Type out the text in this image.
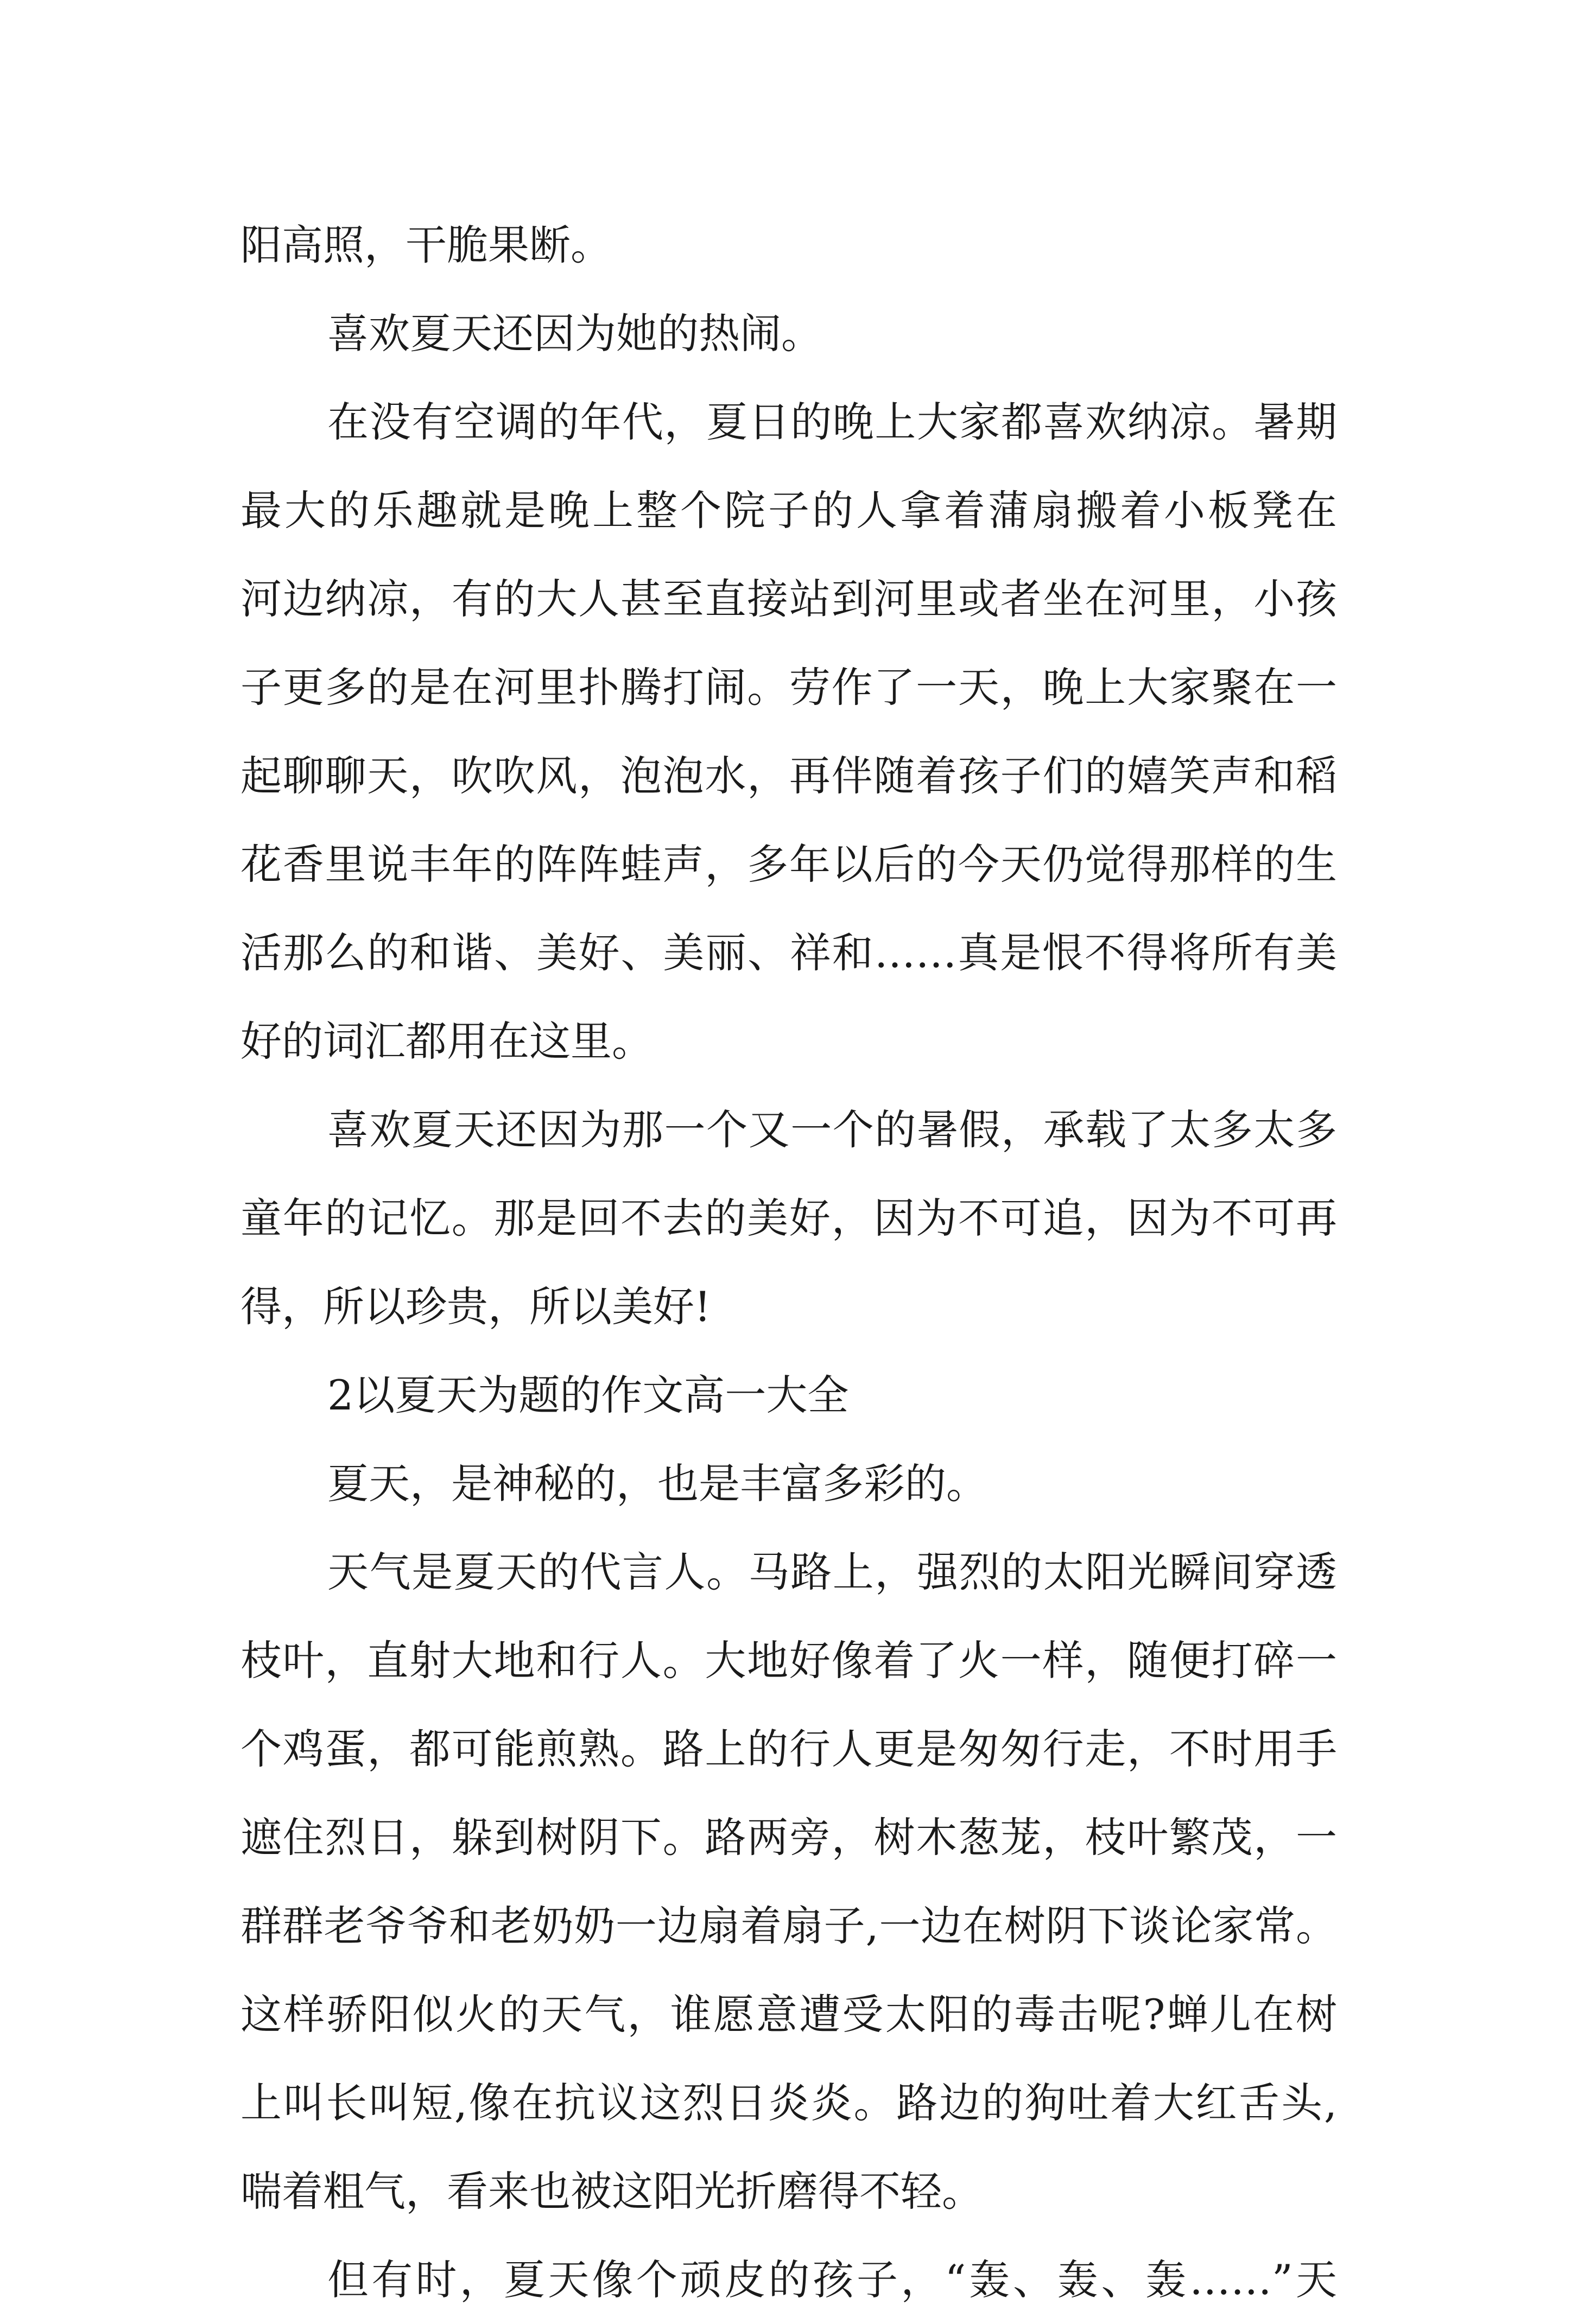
阳高照，干脆果断。
喜欢夏天还因为她的热闹。
在没有空调的年代，夏日的晚上大家都喜欢纳凉。暑期
最大的乐趣就是晚上整个院子的人拿着蒲扇搬着小板凳在
河边纳凉，有的大人甚至直接站到河里或者坐在河里，小孩
子更多的是在河里扑腾打闹。劳作了一天，晚上大家聚在一
起聊聊天，吹吹风，泡泡水，再伴随着孩子们的嬉笑声和稻
花香里说丰年的阵阵蛙声，多年以后的今天仍觉得那样的生
活那么的和谐、美好、美丽、祥和……真是恨不得将所有美
好的词汇都用在这里。
喜欢夏天还因为那一个又一个的暑假，承载了太多太多
童年的记忆。那是回不去的美好，因为不可追，因为不可再
得，所以珍贵，所以美好!
2以夏天为题的作文高一大全
夏天，是神秘的，也是丰富多彩的。
天气是夏天的代言人。马路上，强烈的太阳光瞬间穿透
枝叶，直射大地和行人。大地好像着了火一样，随便打碎一
个鸡蛋，都可能煎熟。路上的行人更是匆匆行走，不时用手
遮住烈日，躲到树阴下。路两旁，树木葱茏，枝叶繁茂，一
群群老爷爷和老奶奶一边扇着扇子,一边在树阴下谈论家常。
这样骄阳似火的天气，谁愿意遭受太阳的毒击呢?蝉儿在树
上叫长叫短,像在抗议这烈日炎炎。路边的狗吐着大红舌头,
喘着粗气，看来也被这阳光折磨得不轻。
但有时，夏天像个顽皮的孩子，“轰、轰、轰……”天
